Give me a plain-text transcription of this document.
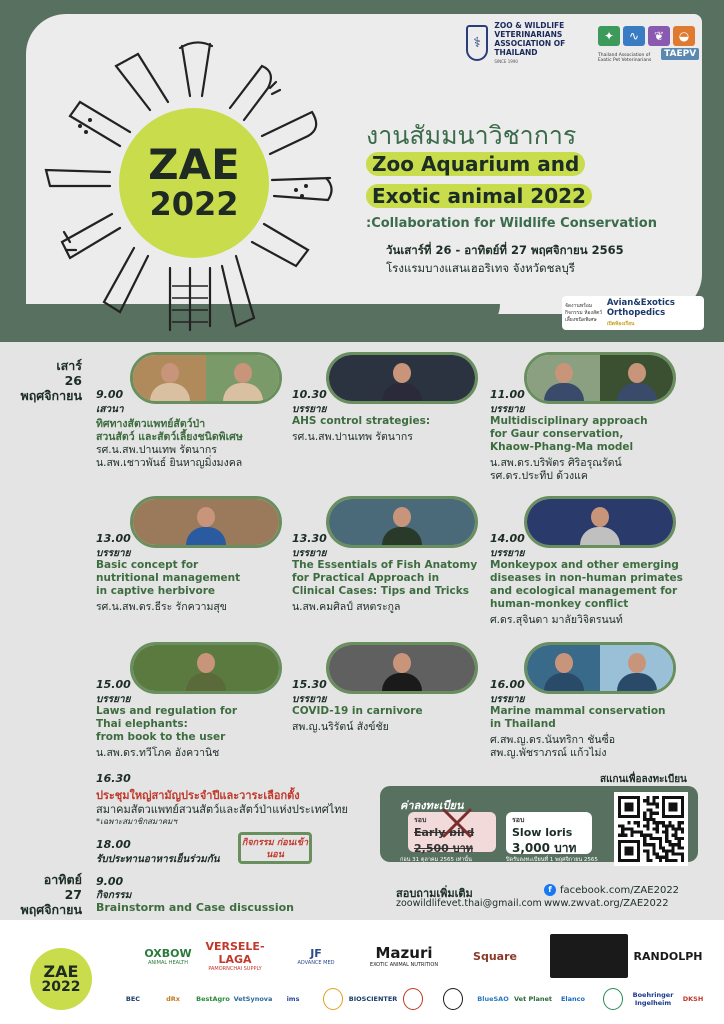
ZAE
2022
⚕
ZOO & WILDLIFE
VETERINARIANS
ASSOCIATION OF THAILAND
SINCE 1990
✦	∿	❦	◒
Thailand Association of Exotic Pet Veterinarians TAEPV
งานสัมมนาวิชาการ
Zoo Aquarium and
Exotic animal 2022
:Collaboration for Wildlife Conservation
วันเสาร์ที่ 26 - อาทิตย์ที่ 27 พฤศจิกายน 2565
โรงแรมบางแสนเฮอริเทจ จังหวัดชลบุรี
จัดงานพร้อมกิจกรรม ห้องสัตว์เลี้ยงชนิดพิเศษ
Avian&Exotics Orthopedics
เปิดห้องเรียน
เสาร์
26
พฤศจิกายน
อาทิตย์
27
พฤศจิกายน
9.00
เสวนา
ทิศทางสัตวแพทย์สัตว์ป่า
สวนสัตว์ และสัตว์เลี้ยงชนิดพิเศษ
รศ.น.สพ.ปานเทพ รัตนากร
น.สพ.เชาวพันธ์ ยินหาญมิ่งมงคล
10.30
บรรยาย
AHS control strategies:
รศ.น.สพ.ปานเทพ รัตนากร
11.00
บรรยาย
Multidisciplinary approach
for Gaur conservation,
Khaow-Phang-Ma model
น.สพ.ดร.บริพัตร ศิริอรุณรัตน์
รศ.ดร.ประทีป ด้วงแค
13.00
บรรยาย
Basic concept for
nutritional management
in captive herbivore
รศ.น.สพ.ดร.ธีระ รักความสุข
13.30
บรรยาย
The Essentials of Fish Anatomy
for Practical Approach in
Clinical Cases: Tips and Tricks
น.สพ.คมศิลป์ สหตระกูล
14.00
บรรยาย
Monkeypox and other emerging
diseases in non-human primates
and ecological management for
human-monkey conflict
ศ.ดร.สุจินดา มาลัยวิจิตรนนท์
15.00
บรรยาย
Laws and regulation for
Thai elephants:
from book to the user
น.สพ.ดร.ทวีโภค อังควานิช
15.30
บรรยาย
COVID-19 in carnivore
สพ.ญ.นริรัตน์ สังข์ชัย
16.00
บรรยาย
Marine mammal conservation
in Thailand
ศ.สพ.ญ.ดร.นันทริกา ชันซื่อ
สพ.ญ.พัชราภรณ์ แก้วไม่ง
16.30
ประชุมใหญ่สามัญประจำปีและวาระเลือกตั้ง
สมาคมสัตวแพทย์สวนสัตว์และสัตว์ป่าแห่งประเทศไทย
*เฉพาะสมาชิกสมาคมฯ
18.00
รับประทานอาหารเย็นร่วมกัน
กิจกรรม ก่อนเข้านอน
9.00
กิจกรรม
Brainstorm and Case discussion
ค่าลงทะเบียน
รอบ
Early bird
2,500 บาท
รอบ
Slow loris
3,000 บาท
ก่อน 31 ตุลาคม 2565 เท่านั้น	ปิดรับลงทะเบียนที่ 1 พฤศจิกายน 2565
สแกนเพื่อลงทะเบียน
สอบถามเพิ่มเติม
zoowildlifevet.thai@gmail.com
f facebook.com/ZAE2022
www.zwvat.org/ZAE2022
ZAE
2022
OXBOW
ANIMAL HEALTH
VERSELE-LAGA
PAMORNCHAI SUPPLY
JF
ADVANCE MED
Mazuri
EXOTIC ANIMAL NUTRITION
Square	RANDOLPH
BEC	dRx	BestAgro VetSynova	ims	BIOSCIENTER	BlueSAO Vet Planet	Elanco	Boehringer Ingelheim	DKSH
